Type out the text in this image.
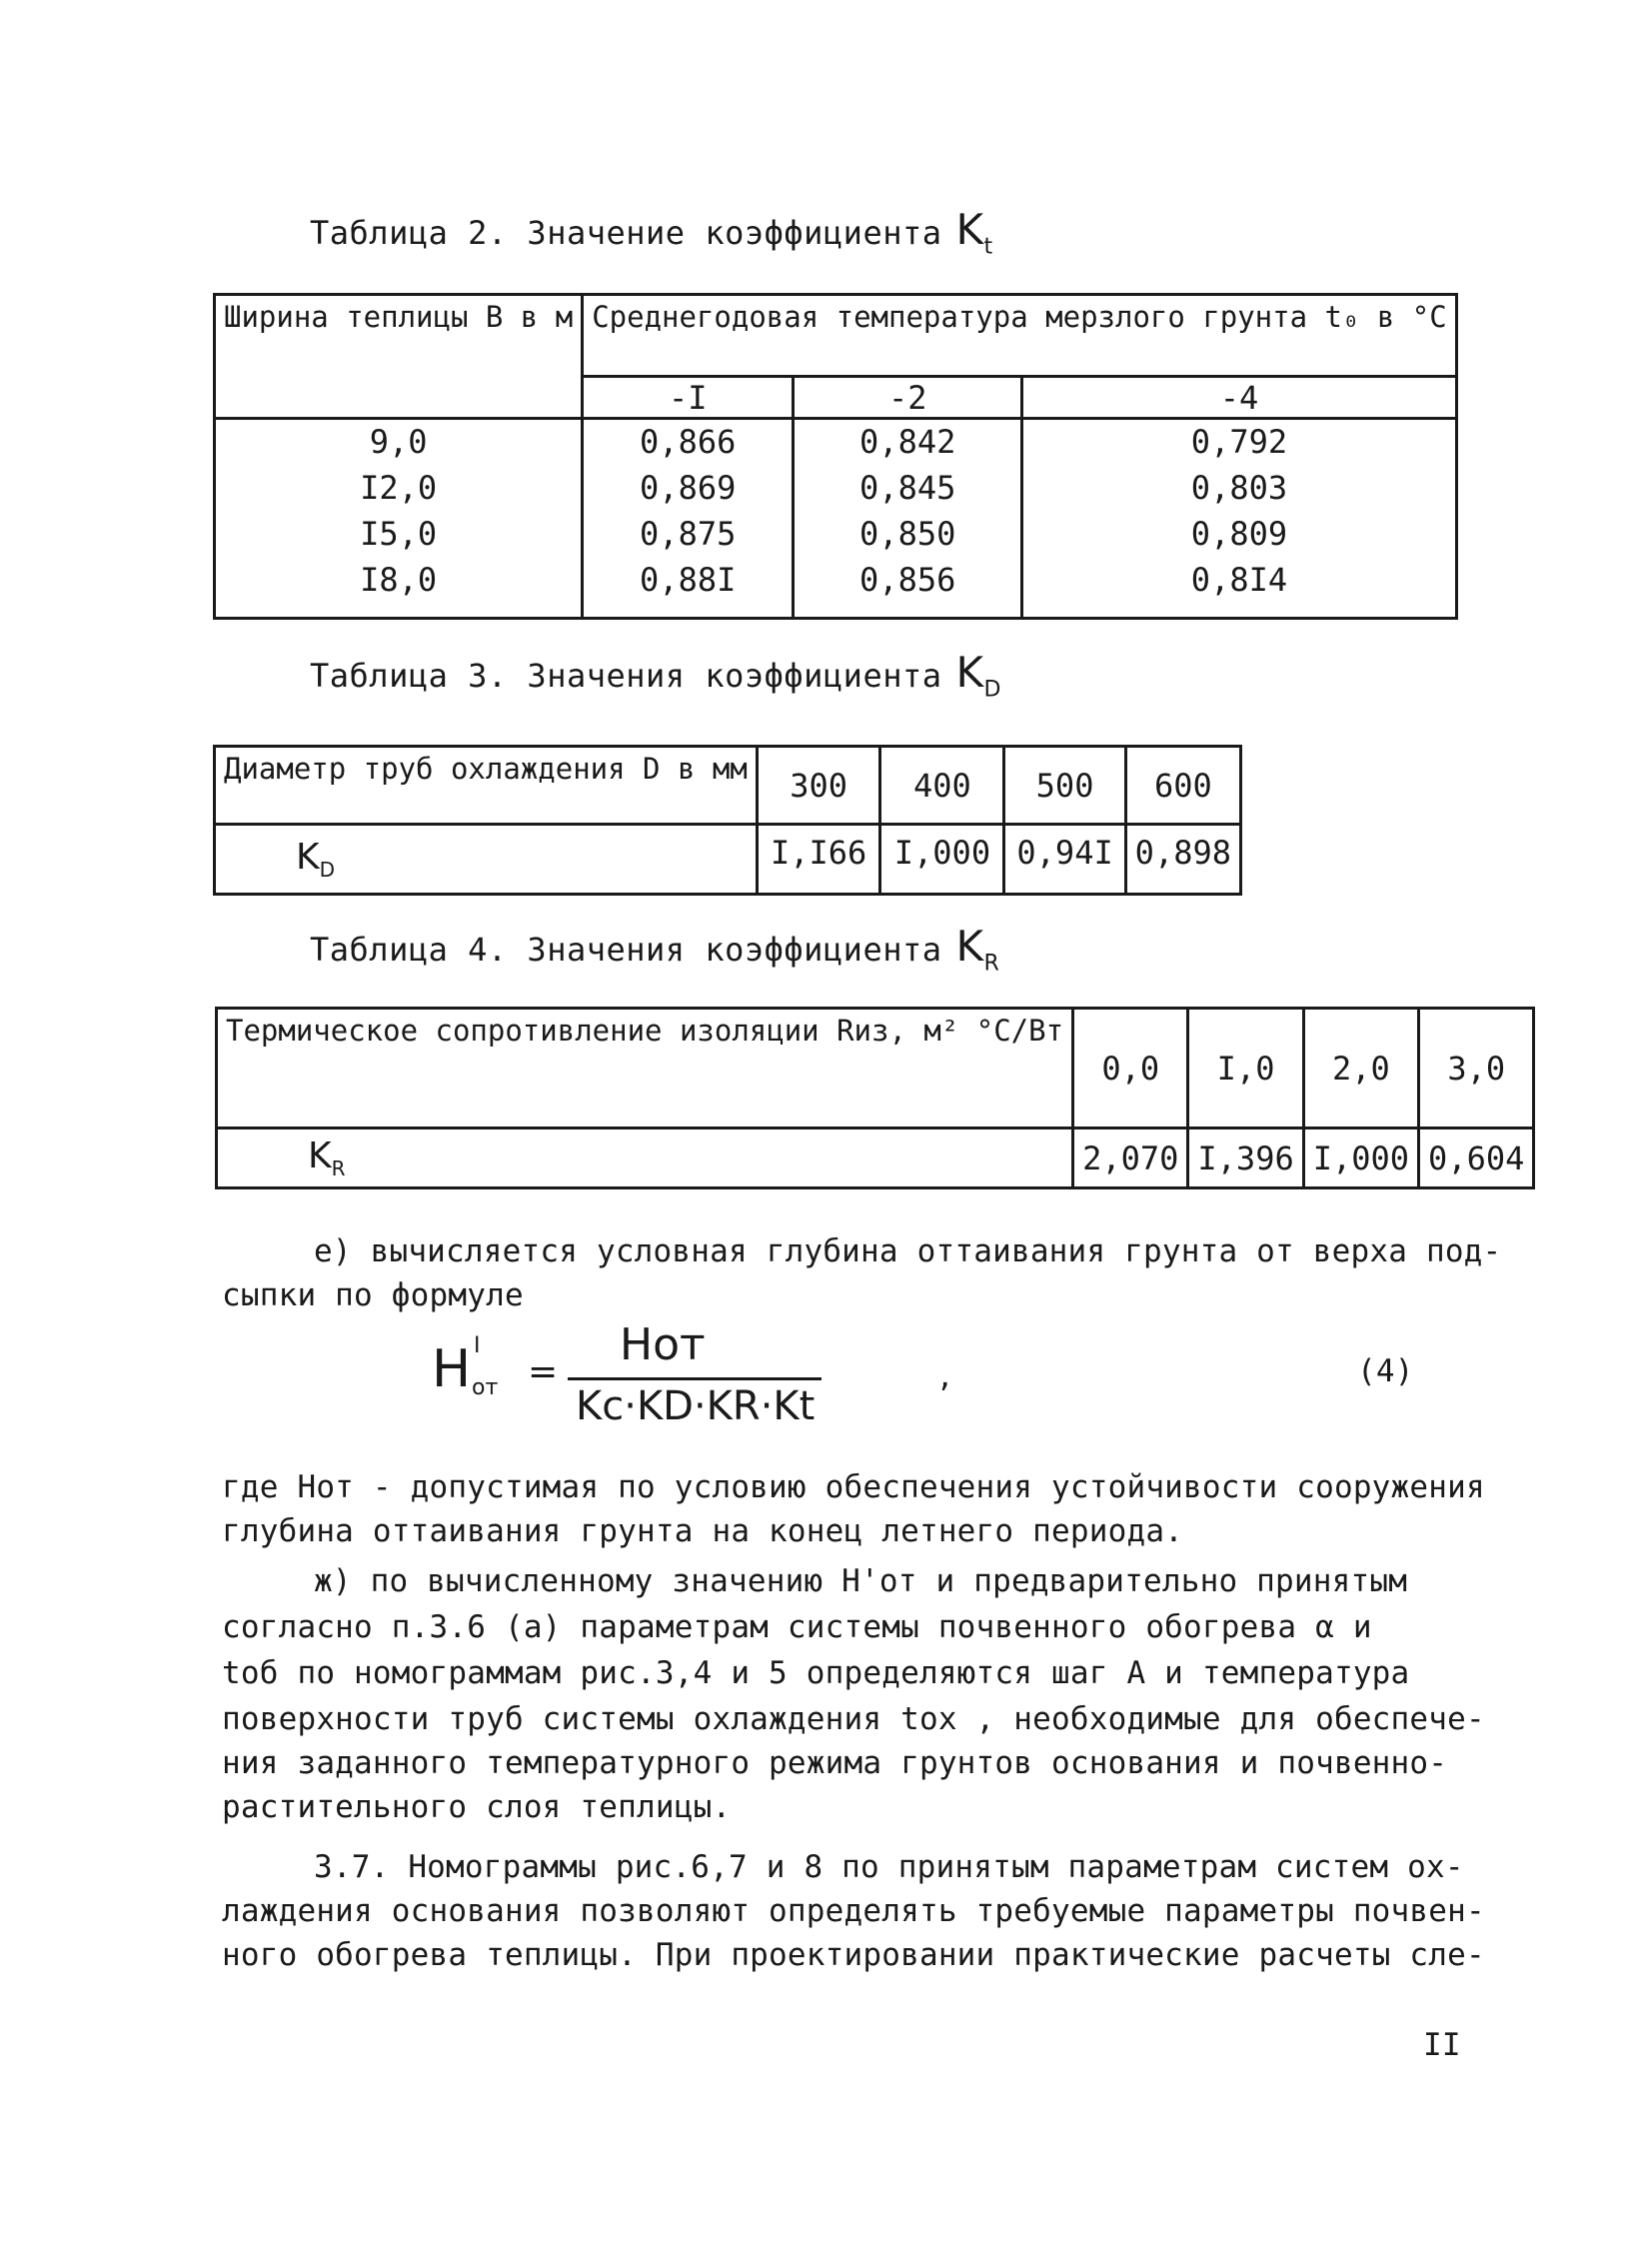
Таблица 2. Значение коэффициента $K_t$
Ширина теплицы В в м	Среднегодовая температура мерзлого грунта t₀ в °С		
	-I	-2	-4
9,0	0,866	0,842	0,792
I2,0	0,869	0,845	0,803
I5,0	0,875	0,850	0,809
I8,0	0,88I	0,856	0,8I4
Таблица 3. Значения коэффициента $K_D$
Диаметр труб охлаждения D в мм	300	400	500	600
$K_D$	I,I66	I,000	0,94I	0,898
Таблица 4. Значения коэффициента $K_R$
Термическое сопротивление изоляции Rиз, м² °С/Вт	0,0	I,0	2,0	3,0
$K_R$	2,070	I,396	I,000	0,604
е) вычисляется условная глубина оттаивания грунта от верха под-
сыпки по формуле
H I
от =
Hот
Kс·KD·KR·Kt
,	(4)
где Hот - допустимая по условию обеспечения устойчивости сооружения
глубина оттаивания грунта на конец летнего периода.
ж) по вычисленному значению H'от и предварительно принятым
согласно п.3.6 (а) параметрам системы почвенного обогрева α и
tоб по номограммам рис.3,4 и 5 определяются шаг A и температура
поверхности труб системы охлаждения tох , необходимые для обеспече-
ния заданного температурного режима грунтов основания и почвенно-
растительного слоя теплицы.
3.7. Номограммы рис.6,7 и 8 по принятым параметрам систем ох-
лаждения основания позволяют определять требуемые параметры почвен-
ного обогрева теплицы. При проектировании практические расчеты сле-
II
